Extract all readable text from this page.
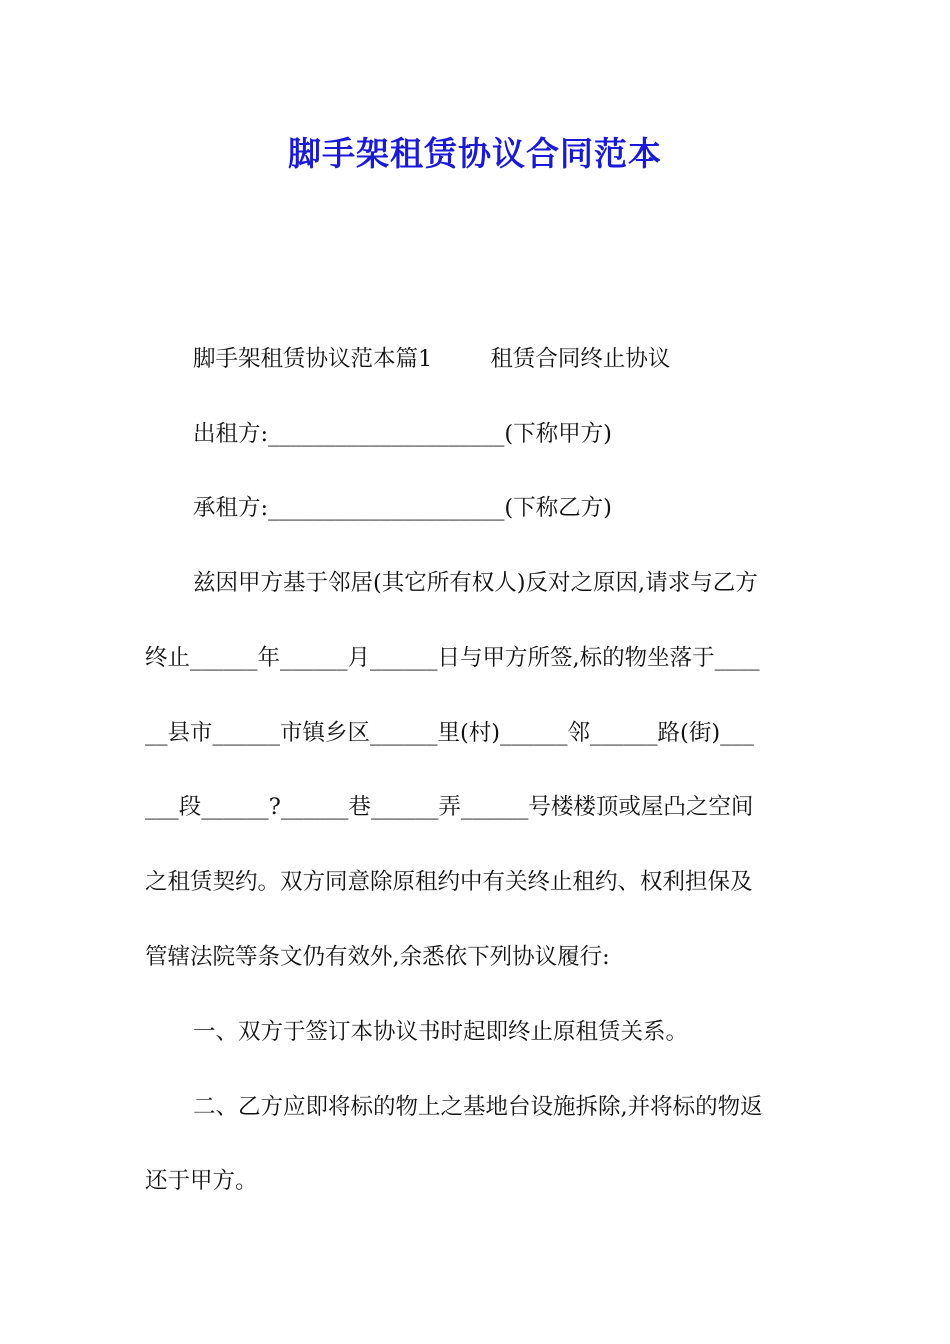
脚手架租赁协议合同范本
脚手架租赁协议范本篇1	租赁合同终止协议
出租方:_____________________(下称甲方)
承租方:_____________________(下称乙方)
兹因甲方基于邻居(其它所有权人)反对之原因,请求与乙方
终止______年______月______日与甲方所签,标的物坐落于____
__县市______市镇乡区______里(村)______邻______路(街)___
___段______?______巷______弄______号楼楼顶或屋凸之空间
之租赁契约。双方同意除原租约中有关终止租约、权利担保及
管辖法院等条文仍有效外,余悉依下列协议履行:
一、双方于签订本协议书时起即终止原租赁关系。
二、乙方应即将标的物上之基地台设施拆除,并将标的物返
还于甲方。
